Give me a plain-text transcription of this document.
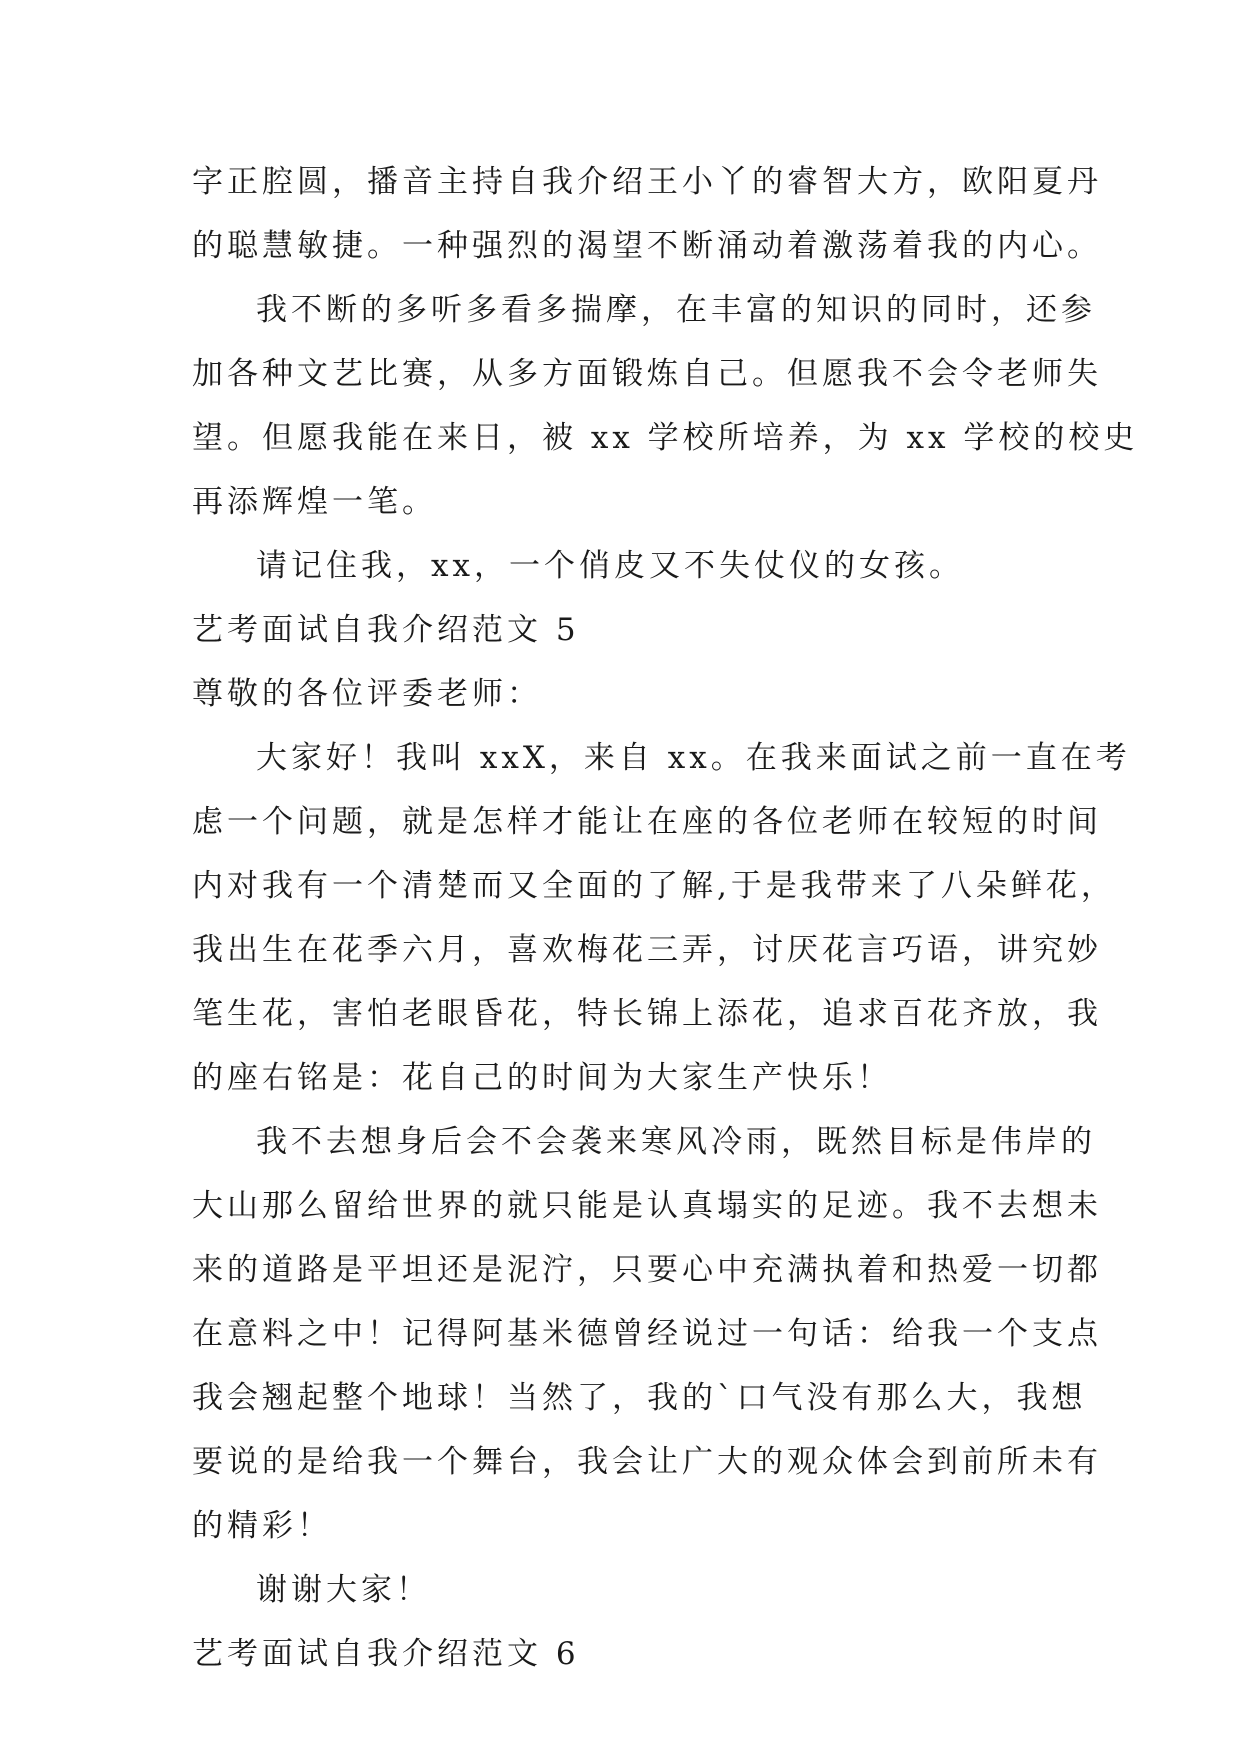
字正腔圆，播音主持自我介绍王小丫的睿智大方，欧阳夏丹
的聪慧敏捷。一种强烈的渴望不断涌动着激荡着我的内心。
我不断的多听多看多揣摩，在丰富的知识的同时，还参
加各种文艺比赛，从多方面锻炼自己。但愿我不会令老师失
望。但愿我能在来日，被 xx 学校所培养，为 xx 学校的校史
再添辉煌一笔。
请记住我，xx，一个俏皮又不失仗仪的女孩。
艺考面试自我介绍范文 5
尊敬的各位评委老师：
大家好！我叫 xxX，来自 xx。在我来面试之前一直在考
虑一个问题，就是怎样才能让在座的各位老师在较短的时间
内对我有一个清楚而又全面的了解,于是我带来了八朵鲜花，
我出生在花季六月，喜欢梅花三弄，讨厌花言巧语，讲究妙
笔生花，害怕老眼昏花，特长锦上添花，追求百花齐放，我
的座右铭是：花自己的时间为大家生产快乐！
我不去想身后会不会袭来寒风冷雨，既然目标是伟岸的
大山那么留给世界的就只能是认真塌实的足迹。我不去想未
来的道路是平坦还是泥泞，只要心中充满执着和热爱一切都
在意料之中！记得阿基米德曾经说过一句话：给我一个支点
我会翘起整个地球！当然了，我的`口气没有那么大，我想
要说的是给我一个舞台，我会让广大的观众体会到前所未有
的精彩！
谢谢大家！
艺考面试自我介绍范文 6
